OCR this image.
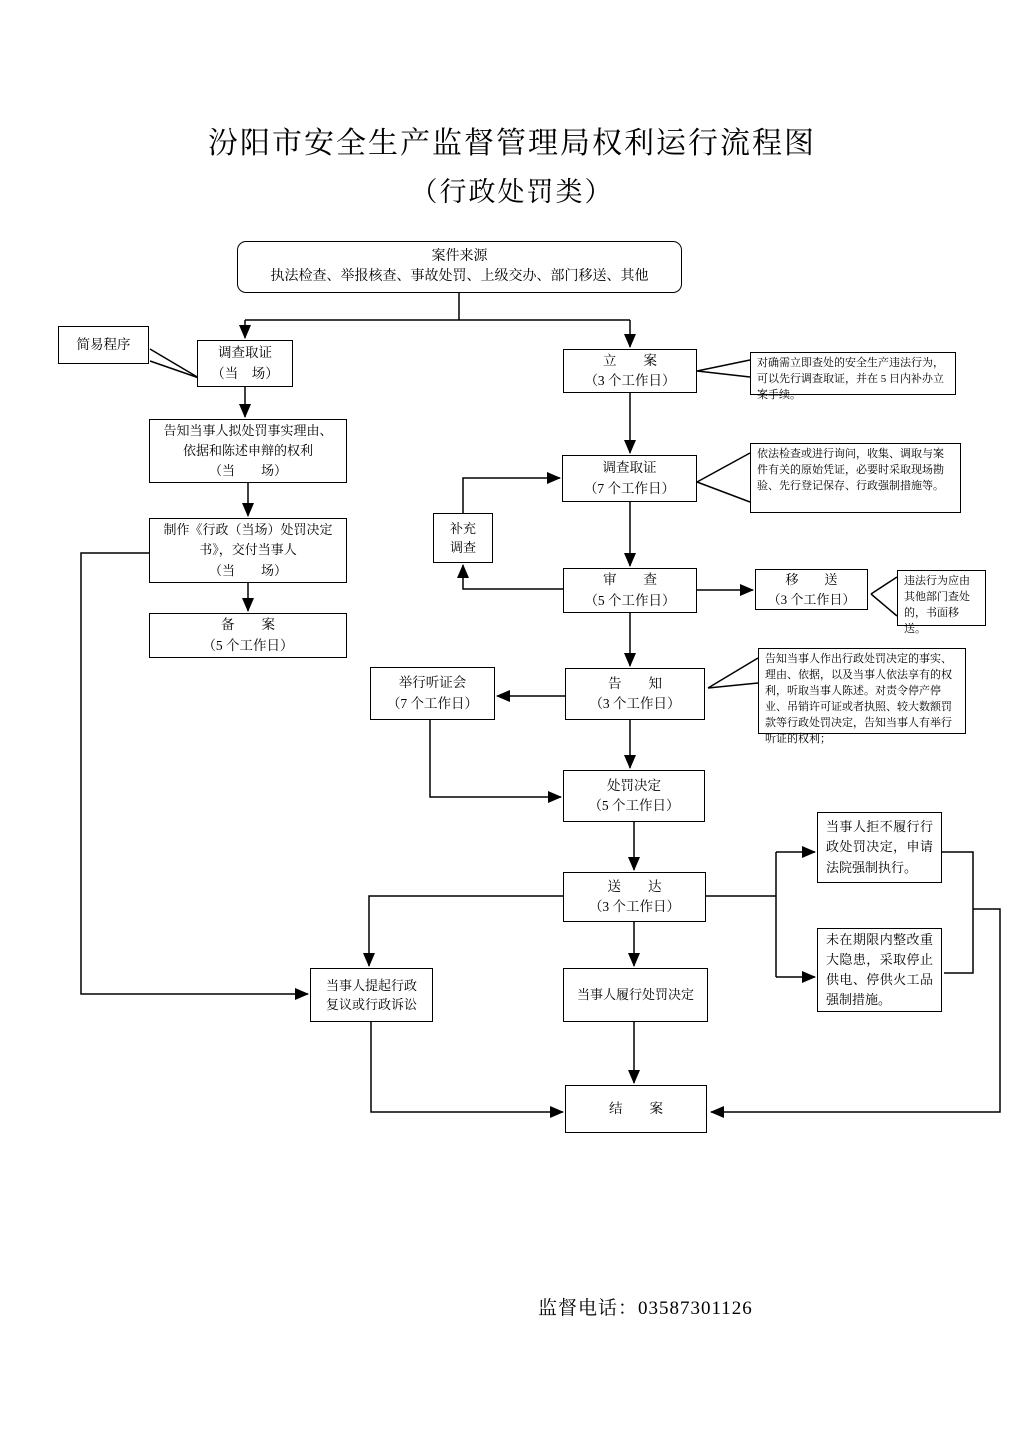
汾阳市安全生产监督管理局权利运行流程图
（行政处罚类）
案件来源
执法检查、举报核查、事故处罚、上级交办、部门移送、其他
简易程序
调查取证
（当　场）
告知当事人拟处罚事实理由、
依据和陈述申辩的权利
（当　　场）
制作《行政（当场）处罚决定
书》，交付当事人
（当　　场）
备　　案
（5 个工作日）
立　　案
（3 个工作日）
调查取证
（7 个工作日）
补充
调查
审　　查
（5 个工作日）
移　　送
（3 个工作日）
告　　知
（3 个工作日）
举行听证会
（7 个工作日）
处罚决定
（5 个工作日）
送　　达
（3 个工作日）
当事人拒不履行行政处罚决定，申请法院强制执行。
未在期限内整改重大隐患，采取停止供电、停供火工品强制措施。
当事人提起行政
复议或行政诉讼
当事人履行处罚决定
结　　案
对确需立即查处的安全生产违法行为，可以先行调查取证，并在 5 日内补办立案手续。
依法检查或进行询问，收集、调取与案件有关的原始凭证，必要时采取现场勘验、先行登记保存、行政强制措施等。
违法行为应由其他部门查处的，书面移送。
告知当事人作出行政处罚决定的事实、理由、依据，以及当事人依法享有的权利，听取当事人陈述。对责令停产停业、吊销许可证或者执照、较大数额罚款等行政处罚决定，告知当事人有举行听证的权利；
监督电话：03587301126
